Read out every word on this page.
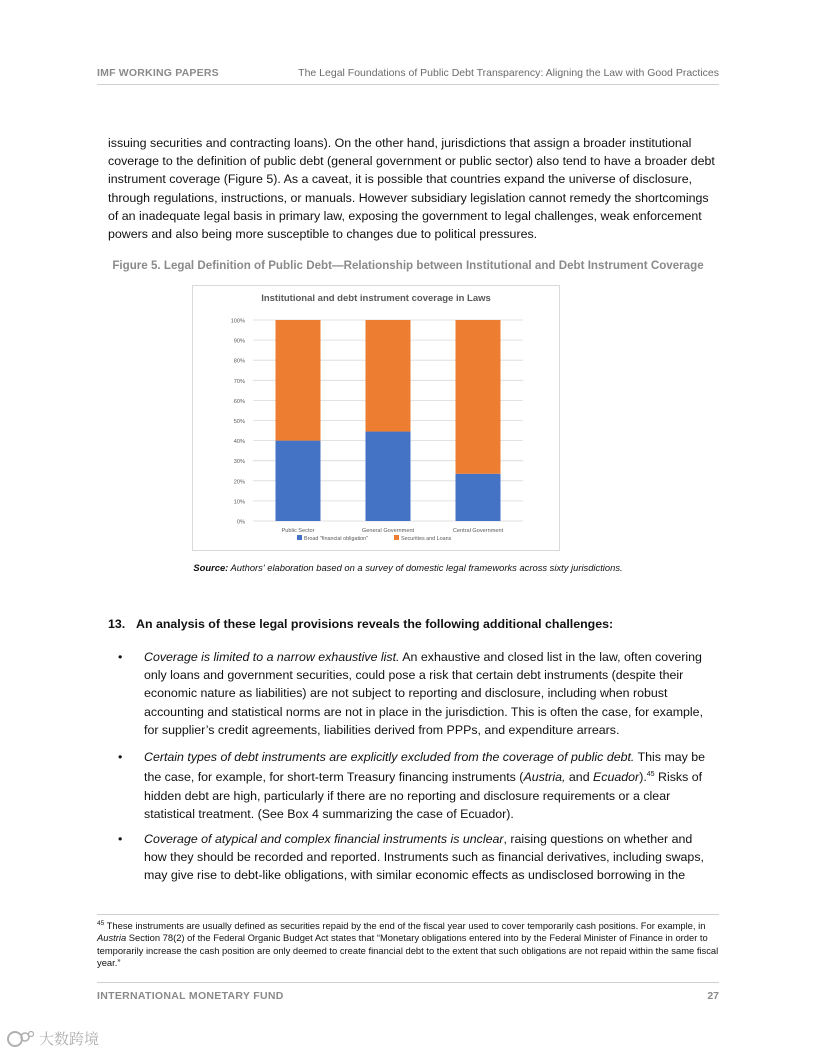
IMF WORKING PAPERS	The Legal Foundations of Public Debt Transparency: Aligning the Law with Good Practices

issuing securities and contracting loans). On the other hand, jurisdictions that assign a broader institutional coverage to the definition of public debt (general government or public sector) also tend to have a broader debt instrument coverage (Figure 5). As a caveat, it is possible that countries expand the universe of disclosure, through regulations, instructions, or manuals. However subsidiary legislation cannot remedy the shortcomings of an inadequate legal basis in primary law, exposing the government to legal challenges, weak enforcement powers and also being more susceptible to changes due to political pressures.

Figure 5. Legal Definition of Public Debt—Relationship between Institutional and Debt Instrument Coverage
Institutional and debt instrument coverage in Laws
0%
10%
20%
30%
40%
50%
60%
70%
80%
90%
100%
Public Sector	General Government	Central Government
Broad "financial obligation"	Securities and Loans
Source: Authors' elaboration based on a survey of domestic legal frameworks across sixty jurisdictions.
13. An analysis of these legal provisions reveals the following additional challenges:
• Coverage is limited to a narrow exhaustive list. An exhaustive and closed list in the law, often covering only loans and government securities, could pose a risk that certain debt instruments (despite their economic nature as liabilities) are not subject to reporting and disclosure, including when robust accounting and statistical norms are not in place in the jurisdiction. This is often the case, for example, for supplier’s credit agreements, liabilities derived from PPPs, and expenditure arrears.
• Certain types of debt instruments are explicitly excluded from the coverage of public debt. This may be the case, for example, for short-term Treasury financing instruments (Austria, and Ecuador).$^{45}$ Risks of hidden debt are high, particularly if there are no reporting and disclosure requirements or a clear statistical treatment. (See Box 4 summarizing the case of Ecuador).
• Coverage of atypical and complex financial instruments is unclear, raising questions on whether and how they should be recorded and reported. Instruments such as financial derivatives, including swaps, may give rise to debt-like obligations, with similar economic effects as undisclosed borrowing in the
$^{45}$ These instruments are usually defined as securities repaid by the end of the fiscal year used to cover temporarily cash positions. For example, in Austria Section 78(2) of the Federal Organic Budget Act states that “Monetary obligations entered into by the Federal Minister of Finance in order to temporarily increase the cash position are only deemed to create financial debt to the extent that such obligations are not repaid within the same fiscal year.”
INTERNATIONAL MONETARY FUND	27
大数跨境
